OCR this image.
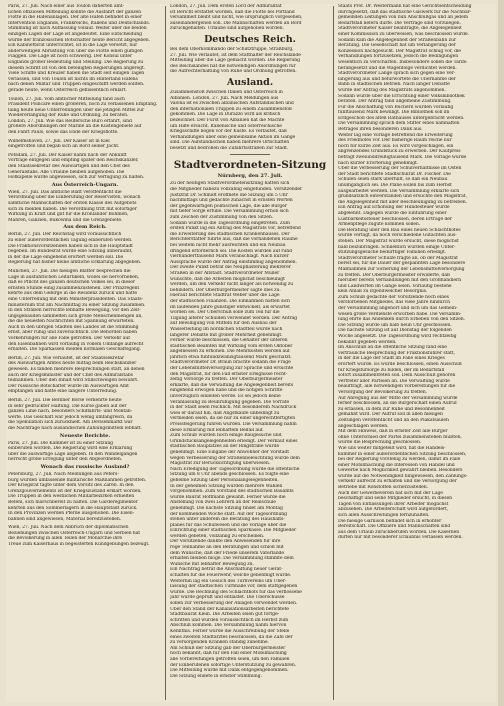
Paris, 27. Juli. Nach einer aus Toulon datierten amt-
lichen offiziösen Mitteilung konnte die Ausfahrt der ganzen
Flotte in die Hafenanlagen. Der alte Hafen befindet in einer
Intervention Englands, Frankreichs, Italiens und Deutschlands.
Stimmung ist nach Auffassung vollauf. Weiter über die beiden
einzigen Lagen der Lage ist angedeutet. Eine Entscheidung
wurde der französischen Botschafter heute Bericht abgegeben.
Ein Kabinettsrat unterrichtet, ist in die Lage versetzt, nur
anderweitigen Abrüstung von über die Flotte einen gültigen
Flaggen. Die Lage ist noch schwierig. Der Konsul unter
Englands großer Bedeutung und Stellung. Die Regierung zu
diesem Schritt ist von den beteiligten Regierungen angeregt.
Viele Schiffe und Kreuzer haben die Stadt seit einigen Tagen
verlassen, und von Toulon ist nichts im Hinterland Hafens
nach denen Militär und Truppen eingeschifft werden sollten.
gerade heute, wenn Österreich geflissentlich erklärt.
Toulon, 27. Juli. Vom amtlicher Mitteilung fand auch
Präsident Poincaré einen größeren, noch zu verlassenen Empfang.
fällig heute neue Unterredungen über die jetzigen Mittel zur
Wiedererlangung der Ruhe und Ordnung, zu beraten.
London, 27. Juli. Wie das Reutersche Büro erfährt, sind
größere Abordnungen der Marine an die Küstengebiete auf
den Fahrt Pauls, sowie das Ende der Kriegsflotte.
Wilhelmshaven, 27. Juli. Der Kaiser ist in Kiel
eingetroffen und begab sich an Bord seiner Jacht.
Potsdam, 27. Juli. Der Kaiser nahm nach der Ankunft
Vorträge entgegen und empfing später den Reichskanzler,
den Staatssekretär des Auswärtigen und den Chef des
Generalstabs. Alle Urlaube bleiben aufgehoben. Die
Hofkapelle wurde angewiesen, sich zur Verfügung zu halten.
Aus Österreich-Ungarn.
Wien, 27. Juli. Das amtliche Blatt veröffentlicht die
Verordnung über die Einberufung der Reservisten, wonach
sämtliche Mannschaften der ersten Klasse des Aufgebots
sich zu melden haben. Die Verordnung tritt mit sofortiger
Wirkung in Kraft und gilt für die Kronländer Böhmen,
Mähren, Galizien, Bukowina und die Grenzgebiete.
Aus dem Reich.
Berlin, 27. Juli. Der Reichstag wird voraussichtlich
zu einer außerordentlichen Tagung einberufen werden.
Die Fraktionsvorsitzenden haben sich in die Hauptstadt
begeben. Im Bundesrat wurde eine Sitzung anberaumt,
in der die Lage eingehend erörtert werden soll. Die
Regierung hat bisher keine amtliche Erklärung abgegeben.
München, 27. Juli. Die hiesigen Blätter besprechen die
Lage in ausführlichen Leitartikeln, wobei sie hervorheben,
daß es Pflicht des ganzen deutschen Volkes sei, in dieser
ernsten Stunde einig zusammenzustehen. Der Prinzregent
kehrte aus dem Gebirge in die Residenz zurück und hatte
eine Unterredung mit dem Ministerpräsidenten. Das Staats-
ministerium trat am Nachmittag zu einer Sitzung zusammen.
In den Straßen herrschte lebhafte Bewegung, vor den Zeit-
ungsgebäuden sammelten sich große Menschenmengen an,
die die neuesten Nachrichten mit Spannung erwarteten.
Auch in den übrigen Städten des Landes ist die Stimmung
ernst, aber ruhig und zuversichtlich. Die Behörden haben
Vorkehrungen für alle Fälle getroffen. Der Verkehr auf
den Eisenbahnen wird vorläufig in vollem Umfange aufrecht
erhalten. Die Sparkassen melden normalen Geschäftsgang.
Berlin, 27. Juli. Wie verlautet, ist der Staatssekretär
des Auswärtigen Amtes heute mittag beim Reichskanzler
gewesen. Es fanden mehrere Besprechungen statt, an denen
auch der Kriegsminister und der Chef des Admiralstabs
teilnahmen. Über den Inhalt wird Stillschweigen bewahrt.
Der russische Botschafter wurde im Auswärtigen Amt
empfangen und hatte eine längere Unterredung.
Berlin, 27. Juli. Die Berliner Börse verkehrte heute
in sehr gedrückter Haltung. Die Kurse gaben auf der
ganzen Linie nach, besonders Schiffahrts- und Montan-
werte. Das Geschäft war jedoch wenig umfangreich, da
die Spekulation sich zurückhielt. Am Devisenmarkt war
die Nachfrage nach ausländischen Zahlungsmitteln lebhaft.
Neueste Berichte.
Paris, 27. Juli. Die Kammer ist zu einer Sitzung
einberufen worden. Die Regierung wird eine Erklärung
über die auswärtige Lage abgeben. In den Wandelgängen
herrscht große Erregung unter den Abgeordneten.
Wonach das russische Ausland?
Petersburg, 27. Juli. Nach Meldungen aus Peters-
burg wurden umfassende militärische Maßnahmen getroffen.
Der Kriegsrat tagte unter dem Vorsitz des Zaren. In den
Grenzgouvernements ist der Kriegszustand erklärt worden.
Die Truppen in den westlichen Militärbezirken erhielten
Befehl, sich marschbereit zu halten. Die Garderegimenter
kehrten aus den Sommerlagern in die Hauptstadt zurück.
In den Provinzen werden Pferde ausgehoben. Die Eisen-
bahnen sind angewiesen, Material bereitzustellen.
Wien, 27. Juli. Nach dem Abbruch der diplomatischen
Beziehungen zwischen Österreich-Ungarn und Serbien hat
die Bevölkerung in allen Teilen der Monarchie ihre
Treue zum Kaiserhaus in begeisterten Kundgebungen bezeugt.
London, 27. Juli. Dem ersten Lord der Admiralität
ist Bericht erstattet worden, daß die Flotte bei Portland
versammelt bleibt und nicht, wie ursprünglich vorgesehen,
auseinandergehen soll. Die Mannschaften werden an Bord
zurückgehalten. Urlaube sind aufgehoben worden.
Deutsches Reich.
Bei dem Oberkommando der Schutztruppe, Straßburg,
27. Juli. Wie verlautet, ist dem Statthalter der Reichslande
Mitteilung über die Lage gemacht worden. Die Regierung
des Reichslandes hat die notwendigen Anordnungen für
die Aufrechterhaltung von Ruhe und Ordnung getroffen.
Ausland.
Zusammenstoß zwischen Italien und Österreich in
Albanien. London, 27. Juli. Nach Meldungen aus
Valona ist es zwischen albanischen Aufständischen und
den internationalen Truppen zu einem Zusammenstoß
gekommen. Die Lage in Durazzo wird als kritisch
bezeichnet. Der Fürst von Albanien hat die Mächte
um Hilfe ersucht. Italienische und österreichische
Kriegsschiffe liegen vor der Küste. Es verlautet, daß
Verhandlungen über eine gemeinsame Aktion im Gange
sind. Die Aufständischen haben mehrere Ortschaften
besetzt und bedrohen die Zufahrtsstraßen zur Stadt.
Stadtverordneten-Sitzung
Nürnberg, den 27. Juli.
Zu der heutigen Stadtverordnetensitzung hatten sich
die Mitglieder nahezu vollzählig eingefunden. Vorsitzender
Justizrat Dr. Schmidt eröffnete die Sitzung um 5 Uhr
nachmittags und gedachte zunächst in ernsten Worten
der gegenwärtigen politischen Lage, die alle Bürger
mit tiefer Sorge erfülle. Die Versammlung erhob sich
zum Zeichen der Zustimmung von den Sitzen.
Sodann wurde in die Tagesordnung eingetreten. Zum
ersten Punkt lag ein Antrag des Magistrats vor, betreffend
die Erweiterung des städtischen Krankenhauses. Der
Berichterstatter führte aus, daß die vorhandenen Räume
bei weitem nicht mehr ausreichten und ein Neubau
dringend erforderlich sei. Die Kosten wurden auf rund
vierhunderttausend Mark veranschlagt. Nach kurzer
Aussprache wurde der Antrag einstimmig angenommen.
Der zweite Punkt betraf die Neupflasterung mehrerer
Straßen in der Altstadt. Stadtverordneter Müller
wünschte, daß die Arbeiten möglichst beschleunigt
werden, um den Verkehr nicht länger als notwendig zu
behindern. Der Oberbürgermeister sagte dies zu.
Hierauf berichtete Stadtrat Weber über die Lage
der städtischen Finanzen. Die Einnahmen hätten sich
im laufenden Jahre günstiger entwickelt, als erwartet
worden sei. Der Überschuß solle zum Teil für die
Tilgung älterer Schulden verwendet werden. Der Antrag
auf Bewilligung von Mitteln für den Ausbau der
Wasserleitung im nördlichen Stadtteil wurde nach
längerer Debatte mit großer Mehrheit genehmigt.
Ferner wurde beschlossen, die Gehälter der unteren
städtischen Beamten mit Wirkung vom ersten Oktober
angemessen zu erhöhen. Die Mehrkosten werden auf
jährlich etwa fünfundzwanzigtausend Mark geschätzt.
Stadtverordneter Dr. Braun brachte sodann die Frage
der Lebensmittelversorgung zur Sprache und ersuchte
den Magistrat, für den Fall ernster Ereignisse recht-
zeitig Vorsorge zu treffen. Der Oberbürgermeister
erklärte, daß die Verwaltung die Angelegenheit bereits
eingehend erwogen habe und die nötigen Schritte
unverzüglich einleiten werde. Es sei jedoch keine
Veranlassung zu Beunruhigung gegeben. Die Vorräte
in der Stadt seien reichlich. Mit besonderem Nachdruck
wies er darauf hin, daß Angstkäufe unbedingt zu
vermeiden seien, da sie nur zu einer ungerechtfertigten
Preissteigerung führen würden. Die Versammlung nahm
diese Erklärung mit lebhaftem Beifall auf.
Zum Schluß wurden noch einige Baugesuche und
Grundstücksangelegenheiten erledigt. Der Verkauf eines
städtischen Bauplatzes an der Ringstraße wurde
genehmigt. Eine Eingabe der Anwohner der Vorstadt
wegen Verbesserung der Straßenbeleuchtung wurde dem
Magistrat zur Berücksichtigung überwiesen.
Nach Erledigung der Tagesordnung wurde die öffentliche
Sitzung um 8 Uhr abends geschlossen. Es folgte eine
geheime Sitzung über Personalangelegenheiten.
In der geheimen Sitzung wurden mehrere Wahlen
vorgenommen. Zum Vorstand des städtischen Bauamts
wurde Baurat Hoffmann gewählt. Ferner wurde die
Anstellung von zwei Lehrern an der Realschule
genehmigt. Die nächste Sitzung findet am Montag
der kommenden Woche statt. Auf der Tagesordnung
stehen unter anderem die Beratung des Haushalts-
planes für das Schulwesen und die Vorlage über die
Einrichtung einer städtischen Sparkasse. Die Mitglieder
werden gebeten, vollzählig zu erscheinen.
Der Vorsitzende dankte den Anwesenden für ihre
rege Teilnahme an den Beratungen und schloß mit
dem Wunsche, daß der Friede unserem Vaterlande
erhalten bleiben möge. Die Versammlung stimmte dem
Wunsche mit lebhafter Bewegung zu.
Ein Nachtrag betraf die Anschaffung neuer Gerät-
schaften für die Feuerwehr, welche genehmigt wurde.
Weiterhin lag ein Gesuch des Turnvereins um Über-
lassung der städtischen Turnhalle vor, dem stattgegeben
wurde. Die Rechnung des Schlachthofs für das verflossene
Jahr wurde geprüft und entlastet. Die Überschüsse
sollen zur Verbesserung der Anlagen verwendet werden.
Über den Stand der Kanalisationsarbeiten berichtete
Stadtbaurat Klein. Die Arbeiten seien gut fortge-
schritten und würden voraussichtlich im Herbst zum
Abschluß kommen. Die Versammlung nahm hiervon
Kenntnis. Ferner wurde die Ausschreibung der Stelle
eines zweiten Stadtarztes beschlossen, da die Zahl der
zu versorgenden Kranken ständig zunehme.
Am Schluß der Sitzung gab der Oberbürgermeister
noch bekannt, daß für den Fall einer Mobilmachung
alle Vorbereitungen getroffen seien, um den Familien
der Einberufenen sofortige Unterstützung zu gewähren.
Die Mitteilung wurde mit Dank entgegengenommen.
Die Sitzung endete in ernster Stimmung.
Staats Prof. Dr. Westermann hat eine Gerichtsentscheidung
durchgesetzt, daß das städtische Gaswerk für die Nachbar-
gemeinden Leitungen von nun Anschlußgas und an jedem
Bedarfsfall liefern dürfe. Die Verträge sind vorzulegen.
Stadtverordneter Kaiser beantragte, die Angelegenheit
einer Kommission zu überweisen, was beschlossen wurde.
Sodann kam die Angelegenheit der Straßenbahn zur
Beratung. Die Gesellschaft hat um Verlängerung der
Konzession nachgesucht. Der Magistrat schlug vor, die
Verhandlungen fortzusetzen, jedoch die Bedingungen
wesentlich zu verschärfen. Insbesondere sollen die Tarife
herabgesetzt und die Wagenfolge verdichtet werden.
Stadtverordneter Lange sprach sich gegen eine Ver-
längerung aus und befürwortete die Übernahme der
Bahn in städtischen Betrieb. Nach langer Debatte
wurde der Antrag des Magistrats angenommen.
Sodann wurde über die Errichtung einer Volksbibliothek
beraten. Der Antrag fand allgemeine Zustimmung.
Für die Anschaffung von Büchern wurden vorläufig
fünftausend Mark bewilligt. Die Bibliothek soll im
Erdgeschoß des alten Rathauses untergebracht werden.
Die Versammlung sprach dem Stifter eines namhaften
Betrages ihren besonderen Dank aus.
Weiter lag eine Vorlage betreffend die Erweiterung
des Friedhofes vor. Der bisherige Raum reiche nur
noch für kurze Zeit aus. Es wird vorgeschlagen, ein
angrenzendes Grundstück zu erwerben. Der Kaufpreis
beträgt zweiunddreißigtausend Mark. Die Vorlage wurde
nach kurzer Erörterung genehmigt.
Über die Verbesserung der Schulverhältnisse im Osten
der Stadt berichtete Stadtschulrat Dr. Fischer. Die
Schulen seien stark überfüllt, so daß ein Neubau
unumgänglich sei. Die Pläne sollen bis zum Herbst
ausgearbeitet werden. Die Versammlung erklärte sich
grundsätzlich einverstanden und ersuchte den Magistrat,
die Angelegenheit mit aller Beschleunigung zu betreiben.
Ein Antrag auf Erhöhung der Hundesteuer wurde
abgelehnt. Dagegen wurde die Einführung einer
Lustbarkeitssteuer beschlossen, deren Erträge der
Armenpflege zugute kommen sollen.
Die Beratung über den Bau eines neuen Schlachthofes
wurde vertagt, da noch verschiedene Gutachten aus-
stehen. Der Magistrat wurde ersucht, diese möglichst
bald beizubringen. Schließlich wurden einige Unter-
stützungsgesuche bedürftiger Familien erledigt.
Stadtverordneter Schulze fragte an, ob der Magistrat
bereit sei, für die Dauer der gespannten Lage besondere
Maßnahmen zur Sicherung der Lebensmittelversorgung
zu treffen. Der Oberbürgermeister erwiderte, daß
hierüber bereits Verhandlungen mit den Großhändlern
und Landwirten im Gange seien. Vorläufig bestehe
kein Anlaß zu irgendwelcher Besorgnis.
Zum Schluß gedachte der Vorsitzende noch eines
verstorbenen Mitgliedes, das viele Jahre hindurch
der Versammlung angehört und sich um das Gemein-
wesen große Verdienste erworben habe. Die Versamm-
lung ehrte das Andenken durch Erheben von den Sitzen.
Die Sitzung wurde um halb neun Uhr geschlossen.
Die nächste Sitzung ist auf Dienstag der folgenden
Woche angesetzt. Die Tagesordnung wird rechtzeitig
bekannt gegeben werden.
Im Anschluß an die öffentliche Sitzung fand eine
vertrauliche Besprechung der Fraktionsführer statt,
in der die Lage der Stadt im Falle eines Krieges
erörtert wurde. Es wurde beschlossen, einen Ausschuß
für Kriegsfürsorge zu bilden, der im Bedarfsfall
sofort zusammentreten soll. Dem Ausschuß gehören
Vertreter aller Parteien an. Die Verwaltung wurde
beauftragt, alle notwendigen Vorbereitungen für die
Versorgung der Bevölkerung zu treffen.
Auf Anregung aus der Mitte der Versammlung wurde
ferner beschlossen, an die Bürgerschaft einen Aufruf
zu erlassen, in dem zur Ruhe und Besonnenheit
gemahnt wird. Der Aufruf soll in allen hiesigen
Zeitungen veröffentlicht und an den Plakatsäulen
angeschlagen werden.
Mit dem Hinweis, daß in ernster Zeit alle Bürger
ohne Unterschied der Partei zusammenstehen müßten,
wurde die Besprechung geschlossen.
Wie uns weiter mitgeteilt wird, hat die Handels-
kammer in einer außerordentlichen Sitzung beschlossen,
bei der Regierung vorstellig zu werden, damit im Falle
einer Mobilmachung die Interessen von Handel und
Gewerbe nach Möglichkeit gewahrt bleiben. Besonders
wurde auf die Notwendigkeit hingewiesen, den Zahlungs-
verkehr aufrecht zu erhalten und die Versorgung der
Betriebe mit Rohstoffen sicherzustellen.
Auch der Gewerbeverein hat sich mit der Lage
beschäftigt und seine Mitglieder ersucht, in diesen
Tagen von Entlassungen ihrer Arbeiter möglichst
abzusehen. Die Arbeiterschaft wird aufgefordert,
sich allen Ausschreitungen fernzuhalten.
Die hiesige Garnison befindet sich in erhöhter
Bereitschaft. Die Offiziere und Mannschaften sind
aus dem Urlaub zurückberufen worden. Die Kasernen
dürfen nur mit besonderer Erlaubnis verlassen werden.
